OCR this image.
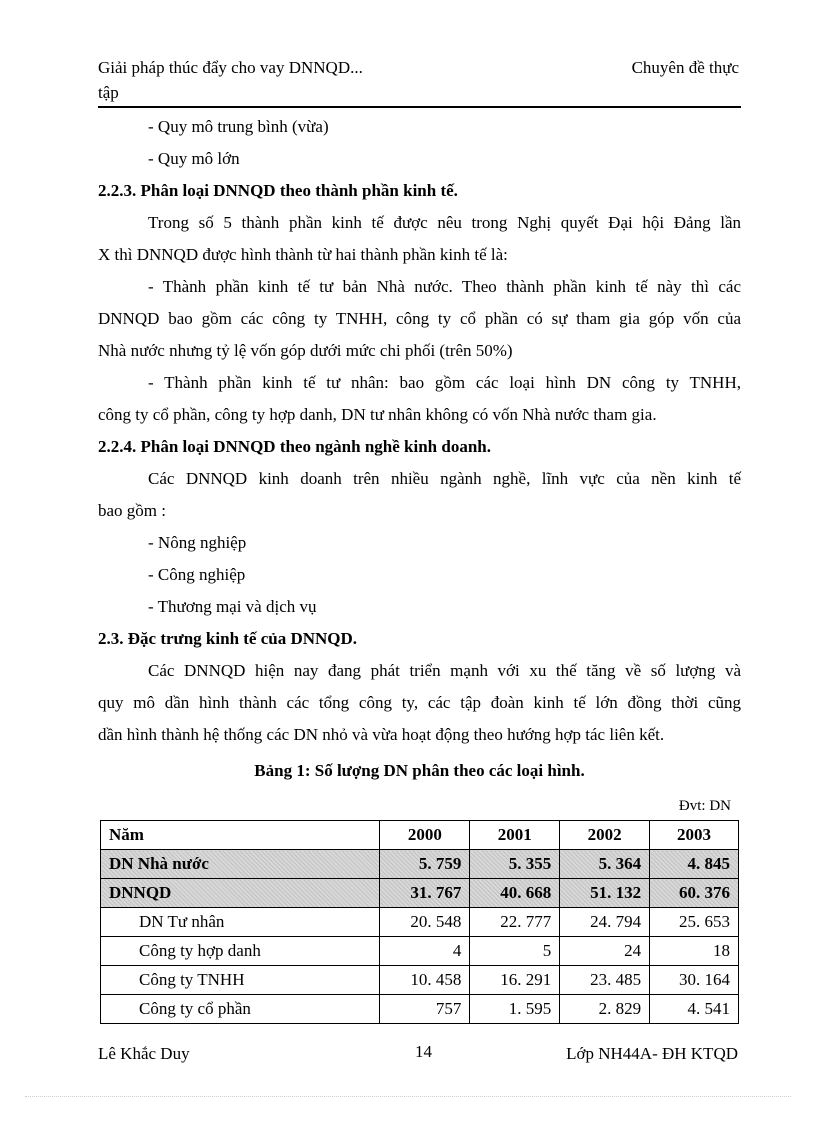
Giải pháp thúc đẩy cho vay DNNQD...
tập
Chuyên đề thực
- Quy mô trung bình (vừa)
- Quy mô lớn
2.2.3. Phân loại DNNQD theo thành phần kinh tế.
Trong số 5 thành phần kinh tế được nêu trong Nghị quyết Đại hội Đảng lần
X thì DNNQD được hình thành từ hai thành phần kinh tế là:
- Thành phần kinh tế tư bản Nhà nước. Theo thành phần kinh tế này thì các
DNNQD bao gồm các công ty TNHH, công ty cổ phần có sự tham gia góp vốn của
Nhà nước nhưng tỷ lệ vốn góp dưới mức chi phối (trên 50%)
- Thành phần kinh tế tư nhân: bao gồm các loại hình DN công ty TNHH,
công ty cổ phần, công ty hợp danh, DN tư nhân không có vốn Nhà nước tham gia.
2.2.4. Phân loại DNNQD theo ngành nghề kinh doanh.
Các DNNQD kinh doanh trên nhiều ngành nghề, lĩnh vực của nền kinh tế
bao gồm :
- Nông nghiệp
- Công nghiệp
- Thương mại và dịch vụ
2.3. Đặc trưng kinh tế của DNNQD.
Các DNNQD hiện nay đang phát triển mạnh với xu thế tăng về số lượng và
quy mô dần hình thành các tổng công ty, các tập đoàn kinh tế lớn đồng thời cũng
dần hình thành hệ thống các DN nhỏ và vừa hoạt động theo hướng hợp tác liên kết.
Bảng 1: Số lượng DN phân theo các loại hình.
Đvt: DN
Năm	2000	2001	2002	2003
DN Nhà nước	5. 759	5. 355	5. 364	4. 845
DNNQD	31. 767	40. 668	51. 132	60. 376
DN Tư nhân	20. 548	22. 777	24. 794	25. 653
Công ty hợp danh	4	5	24	18
Công ty TNHH	10. 458	16. 291	23. 485	30. 164
Công ty cổ phần	757	1. 595	2. 829	4. 541
Lê Khắc Duy	14	Lớp NH44A- ĐH KTQD
